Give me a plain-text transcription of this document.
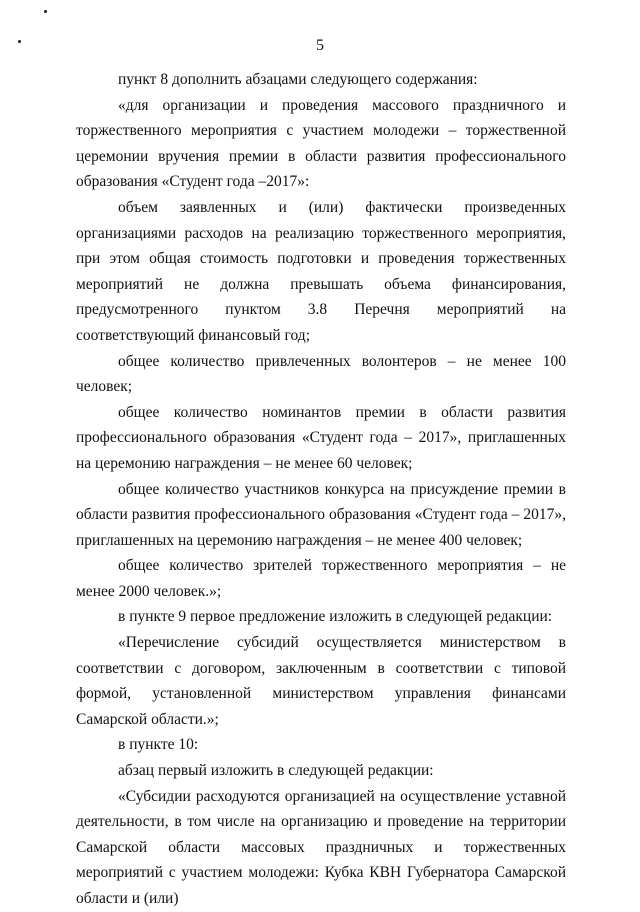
5

пункт 8 дополнить абзацами следующего содержания:

«для организации и проведения массового праздничного и торжественного мероприятия с участием молодежи – торжественной церемонии вручения премии в области развития профессионального образования «Студент года –2017»:

объем заявленных и (или) фактически произведенных организациями расходов на реализацию торжественного мероприятия, при этом общая стоимость подготовки и проведения торжественных мероприятий не должна превышать объема финансирования, предусмотренного пунктом 3.8 Перечня мероприятий на соответствующий финансовый год;

общее количество привлеченных волонтеров – не менее 100 человек;

общее количество номинантов премии в области развития профессионального образования «Студент года – 2017», приглашенных на церемонию награждения – не менее 60 человек;

общее количество участников конкурса на присуждение премии в области развития профессионального образования «Студент года – 2017», приглашенных на церемонию награждения – не менее 400 человек;

общее количество зрителей торжественного мероприятия – не менее 2000 человек.»;

в пункте 9 первое предложение изложить в следующей редакции:

«Перечисление субсидий осуществляется министерством в соответствии с договором, заключенным в соответствии с типовой формой, установленной министерством управления финансами Самарской области.»;

в пункте 10:

абзац первый изложить в следующей редакции:

«Субсидии расходуются организацией на осуществление уставной деятельности, в том числе на организацию и проведение на территории Самарской области массовых праздничных и торжественных мероприятий с участием молодежи: Кубка КВН Губернатора Самарской области и (или)
